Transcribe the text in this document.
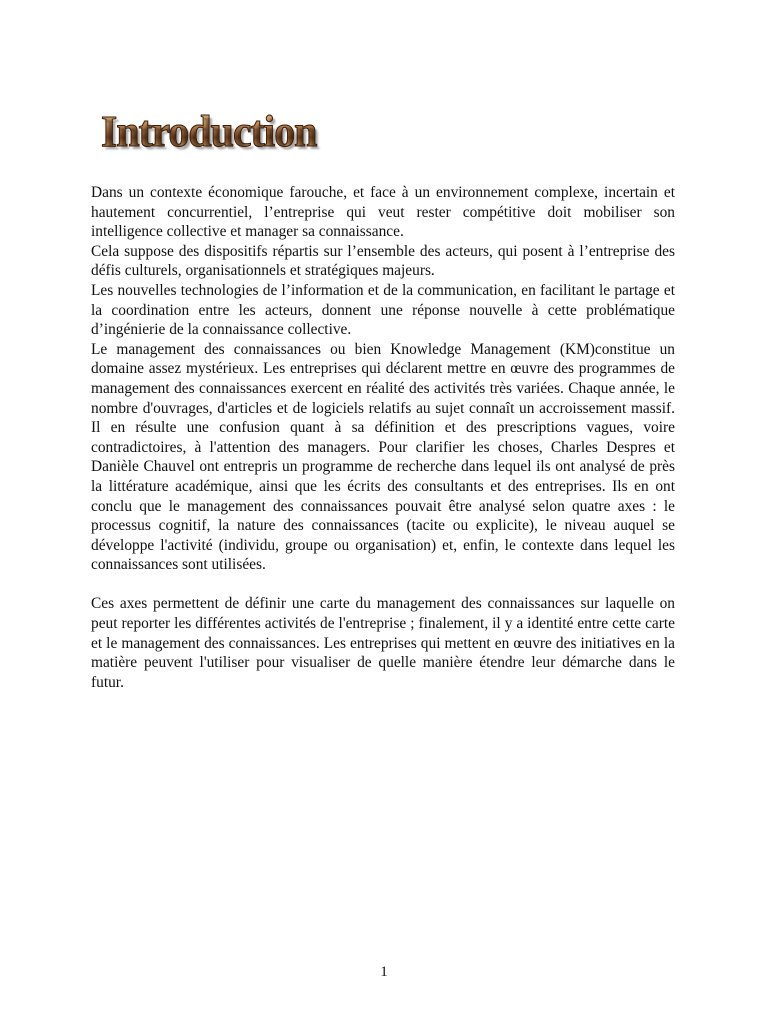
Introduction

Dans un contexte économique farouche, et face à un environnement complexe, incertain et hautement concurrentiel, l’entreprise qui veut rester compétitive doit mobiliser son intelligence collective et manager sa connaissance.

Cela suppose des dispositifs répartis sur l’ensemble des acteurs, qui posent à l’entreprise des défis culturels, organisationnels et stratégiques majeurs.

Les nouvelles technologies de l’information et de la communication, en facilitant le partage et la coordination entre les acteurs, donnent une réponse nouvelle à cette problématique d’ingénierie de la connaissance collective.

Le management des connaissances ou bien Knowledge Management (KM)constitue un domaine assez mystérieux. Les entreprises qui déclarent mettre en œuvre des programmes de management des connaissances exercent en réalité des activités très variées. Chaque année, le nombre d'ouvrages, d'articles et de logiciels relatifs au sujet connaît un accroissement massif. Il en résulte une confusion quant à sa définition et des prescriptions vagues, voire contradictoires, à l'attention des managers. Pour clarifier les choses, Charles Despres et Danièle Chauvel ont entrepris un programme de recherche dans lequel ils ont analysé de près la littérature académique, ainsi que les écrits des consultants et des entreprises. Ils en ont conclu que le management des connaissances pouvait être analysé selon quatre axes : le processus cognitif, la nature des connaissances (tacite ou explicite), le niveau auquel se développe l'activité (individu, groupe ou organisation) et, enfin, le contexte dans lequel les connaissances sont utilisées.

Ces axes permettent de définir une carte du management des connaissances sur laquelle on peut reporter les différentes activités de l'entreprise ; finalement, il y a identité entre cette carte et le management des connaissances. Les entreprises qui mettent en œuvre des initiatives en la matière peuvent l'utiliser pour visualiser de quelle manière étendre leur démarche dans le futur.

1
